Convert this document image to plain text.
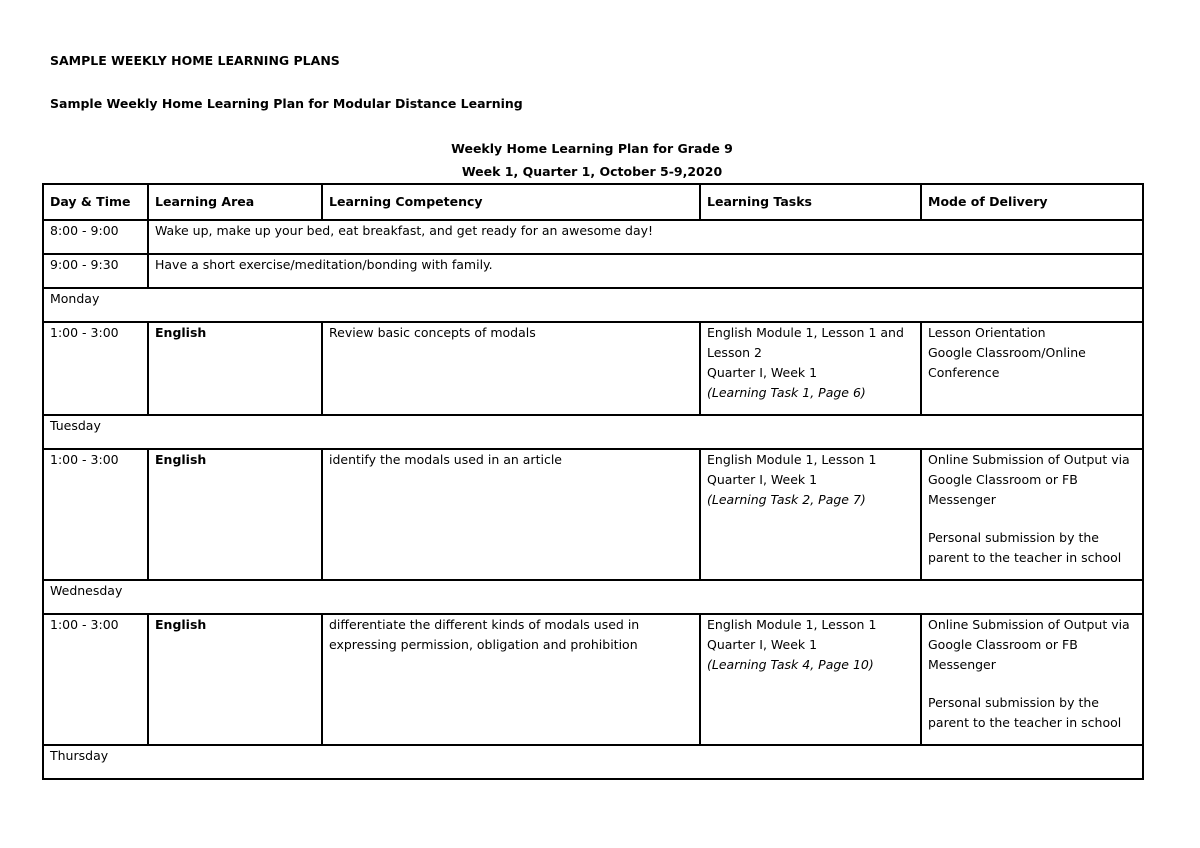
SAMPLE WEEKLY HOME LEARNING PLANS
Sample Weekly Home Learning Plan for Modular Distance Learning
Weekly Home Learning Plan for Grade 9
Week 1, Quarter 1, October 5-9,2020
Day & Time	Learning Area	Learning Competency	Learning Tasks	Mode of Delivery
8:00 - 9:00	Wake up, make up your bed, eat breakfast, and get ready for an awesome day!			
9:00 - 9:30	Have a short exercise/meditation/bonding with family.			
Monday				
1:00 - 3:00	English	Review basic concepts of modals	English Module 1, Lesson 1 and
Lesson 2
Quarter I, Week 1
(Learning Task 1, Page 6)	Lesson Orientation
Google Classroom/Online
Conference

Tuesday				
1:00 - 3:00	English	identify the modals used in an article	English Module 1, Lesson 1
Quarter I, Week 1
(Learning Task 2, Page 7)	Online Submission of Output via
Google Classroom or FB
Messenger
Personal submission by the
parent to the teacher in school

Wednesday				
1:00 - 3:00	English	differentiate the different kinds of modals used in
expressing permission, obligation and prohibition	English Module 1, Lesson 1
Quarter I, Week 1
(Learning Task 4, Page 10)	Online Submission of Output via
Google Classroom or FB
Messenger
Personal submission by the
parent to the teacher in school

Thursday				
